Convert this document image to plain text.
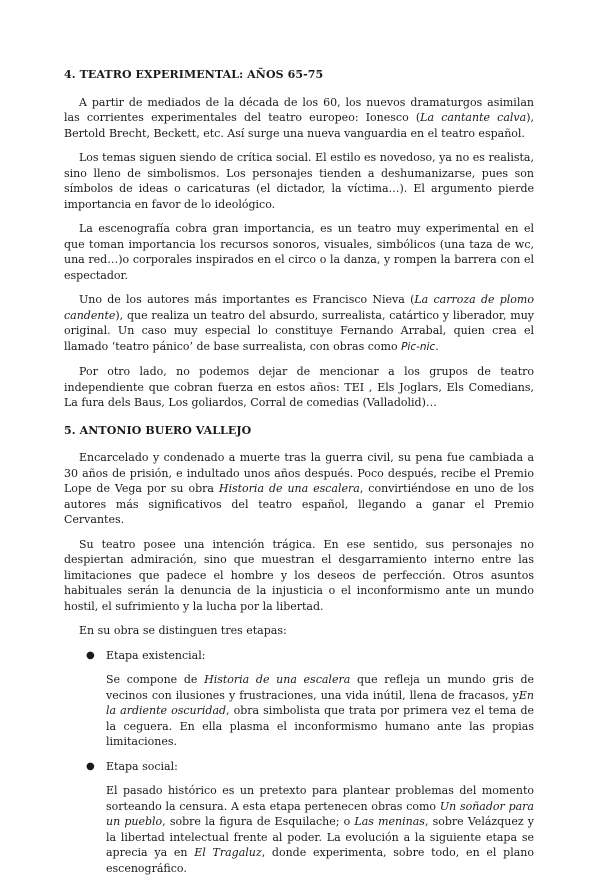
4. TEATRO EXPERIMENTAL: AÑOS 65-75

A partir de mediados de la década de los 60, los nuevos dramaturgos asimilan las corrientes experimentales del teatro europeo: Ionesco (La cantante calva), Bertold Brecht, Beckett, etc. Así surge una nueva vanguardia en el teatro español.

Los temas siguen siendo de crítica social. El estilo es novedoso, ya no es realista, sino lleno de simbolismos. Los personajes tienden a deshumanizarse, pues son símbolos de ideas o caricaturas (el dictador, la víctima…). El argumento pierde importancia en favor de lo ideológico.

La escenografía cobra gran importancia, es un teatro muy experimental en el que toman importancia los recursos sonoros, visuales, simbólicos (una taza de wc, una red…)o corporales inspirados en el circo o la danza, y rompen la barrera con el espectador.

Uno de los autores más importantes es Francisco Nieva (La carroza de plomo candente), que realiza un teatro del absurdo, surrealista, catártico y liberador, muy original. Un caso muy especial lo constituye Fernando Arrabal, quien crea el llamado ‘teatro pánico’ de base surrealista, con obras como Pic-nic.

Por otro lado, no podemos dejar de mencionar a los grupos de teatro independiente que cobran fuerza en estos años: TEI , Els Joglars, Els Comedians, La fura dels Baus, Los goliardos, Corral de comedias (Valladolid)…

5. ANTONIO BUERO VALLEJO

Encarcelado y condenado a muerte tras la guerra civil, su pena fue cambiada a 30 años de prisión, e indultado unos años después. Poco después, recibe el Premio Lope de Vega por su obra Historia de una escalera, convirtiéndose en uno de los autores más significativos del teatro español, llegando a ganar el Premio Cervantes.

Su teatro posee una intención trágica. En ese sentido, sus personajes no despiertan admiración, sino que muestran el desgarramiento interno entre las limitaciones que padece el hombre y los deseos de perfección. Otros asuntos habituales serán la denuncia de la injusticia o el inconformismo ante un mundo hostil, el sufrimiento y la lucha por la libertad.

En su obra se distinguen tres etapas:

● Etapa existencial:

Se compone de Historia de una escalera que refleja un mundo gris de vecinos con ilusiones y frustraciones, una vida inútil, llena de fracasos, yEn la ardiente oscuridad, obra simbolista que trata por primera vez el tema de la ceguera. En ella plasma el inconformismo humano ante las propias limitaciones.

● Etapa social:

El pasado histórico es un pretexto para plantear problemas del momento sorteando la censura. A esta etapa pertenecen obras como Un soñador para un pueblo, sobre la figura de Esquilache; o Las meninas, sobre Velázquez y la libertad intelectual frente al poder. La evolución a la siguiente etapa se aprecia ya en El Tragaluz, donde experimenta, sobre todo, en el plano escenográfico.
